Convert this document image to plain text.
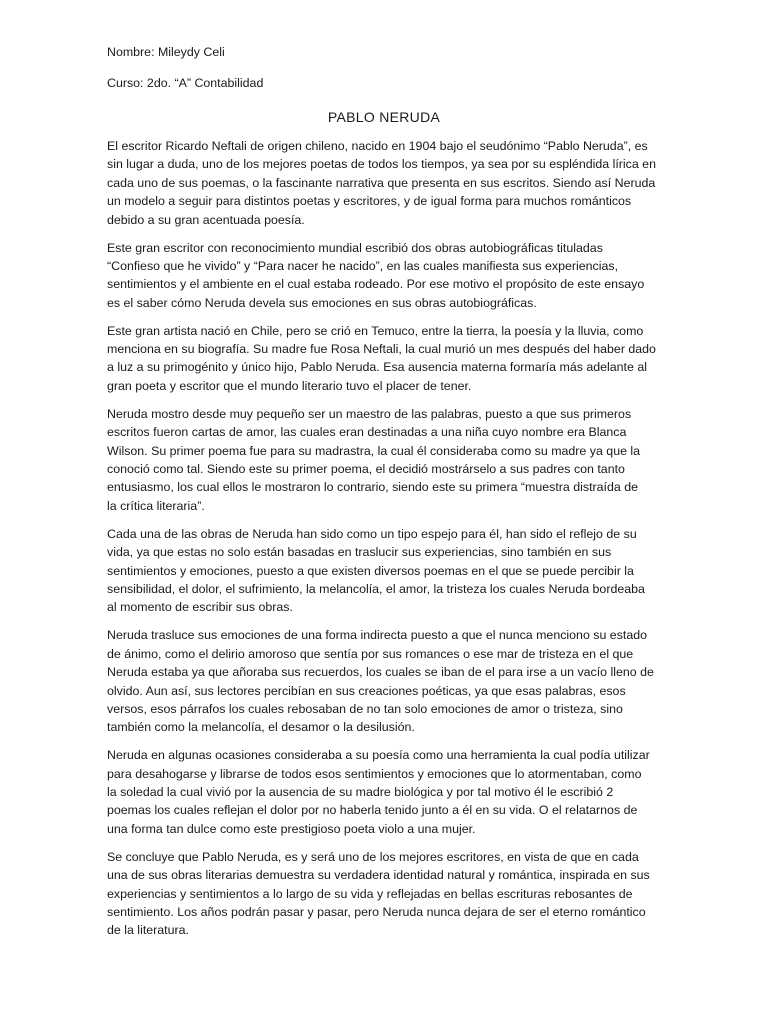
Nombre: Mileydy Celi
Curso: 2do. “A” Contabilidad
PABLO NERUDA
El escritor Ricardo Neftali de origen chileno, nacido en 1904 bajo el seudónimo “Pablo Neruda”, es
sin lugar a duda, uno de los mejores poetas de todos los tiempos, ya sea por su espléndida lírica en
cada uno de sus poemas, o la fascinante narrativa que presenta en sus escritos. Siendo así Neruda
un modelo a seguir para distintos poetas y escritores, y de igual forma para muchos románticos
debido a su gran acentuada poesía.
Este gran escritor con reconocimiento mundial escribió dos obras autobiográficas tituladas
“Confieso que he vivido” y “Para nacer he nacido”, en las cuales manifiesta sus experiencias,
sentimientos y el ambiente en el cual estaba rodeado. Por ese motivo el propósito de este ensayo
es el saber cómo Neruda devela sus emociones en sus obras autobiográficas.
Este gran artista nació en Chile, pero se crió en Temuco, entre la tierra, la poesía y la lluvia, como
menciona en su biografía. Su madre fue Rosa Neftali, la cual murió un mes después del haber dado
a luz a su primogénito y único hijo, Pablo Neruda. Esa ausencia materna formaría más adelante al
gran poeta y escritor que el mundo literario tuvo el placer de tener.
Neruda mostro desde muy pequeño ser un maestro de las palabras, puesto a que sus primeros
escritos fueron cartas de amor, las cuales eran destinadas a una niña cuyo nombre era Blanca
Wilson. Su primer poema fue para su madrastra, la cual él consideraba como su madre ya que la
conoció como tal. Siendo este su primer poema, el decidió mostrárselo a sus padres con tanto
entusiasmo, los cual ellos le mostraron lo contrario, siendo este su primera “muestra distraída de
la crítica literaria”.
Cada una de las obras de Neruda han sido como un tipo espejo para él, han sido el reflejo de su
vida, ya que estas no solo están basadas en traslucir sus experiencias, sino también en sus
sentimientos y emociones, puesto a que existen diversos poemas en el que se puede percibir la
sensibilidad, el dolor, el sufrimiento, la melancolía, el amor, la tristeza los cuales Neruda bordeaba
al momento de escribir sus obras.
Neruda trasluce sus emociones de una forma indirecta puesto a que el nunca menciono su estado
de ánimo, como el delirio amoroso que sentía por sus romances o ese mar de tristeza en el que
Neruda estaba ya que añoraba sus recuerdos, los cuales se iban de el para irse a un vacío lleno de
olvido. Aun así, sus lectores percibían en sus creaciones poéticas, ya que esas palabras, esos
versos, esos párrafos los cuales rebosaban de no tan solo emociones de amor o tristeza, sino
también como la melancolía, el desamor o la desilusión.
Neruda en algunas ocasiones consideraba a su poesía como una herramienta la cual podía utilizar
para desahogarse y librarse de todos esos sentimientos y emociones que lo atormentaban, como
la soledad la cual vivió por la ausencia de su madre biológica y por tal motivo él le escribió 2
poemas los cuales reflejan el dolor por no haberla tenido junto a él en su vida. O el relatarnos de
una forma tan dulce como este prestigioso poeta violo a una mujer.
Se concluye que Pablo Neruda, es y será uno de los mejores escritores, en vista de que en cada
una de sus obras literarias demuestra su verdadera identidad natural y romántica, inspirada en sus
experiencias y sentimientos a lo largo de su vida y reflejadas en bellas escrituras rebosantes de
sentimiento. Los años podrán pasar y pasar, pero Neruda nunca dejara de ser el eterno romántico
de la literatura.
